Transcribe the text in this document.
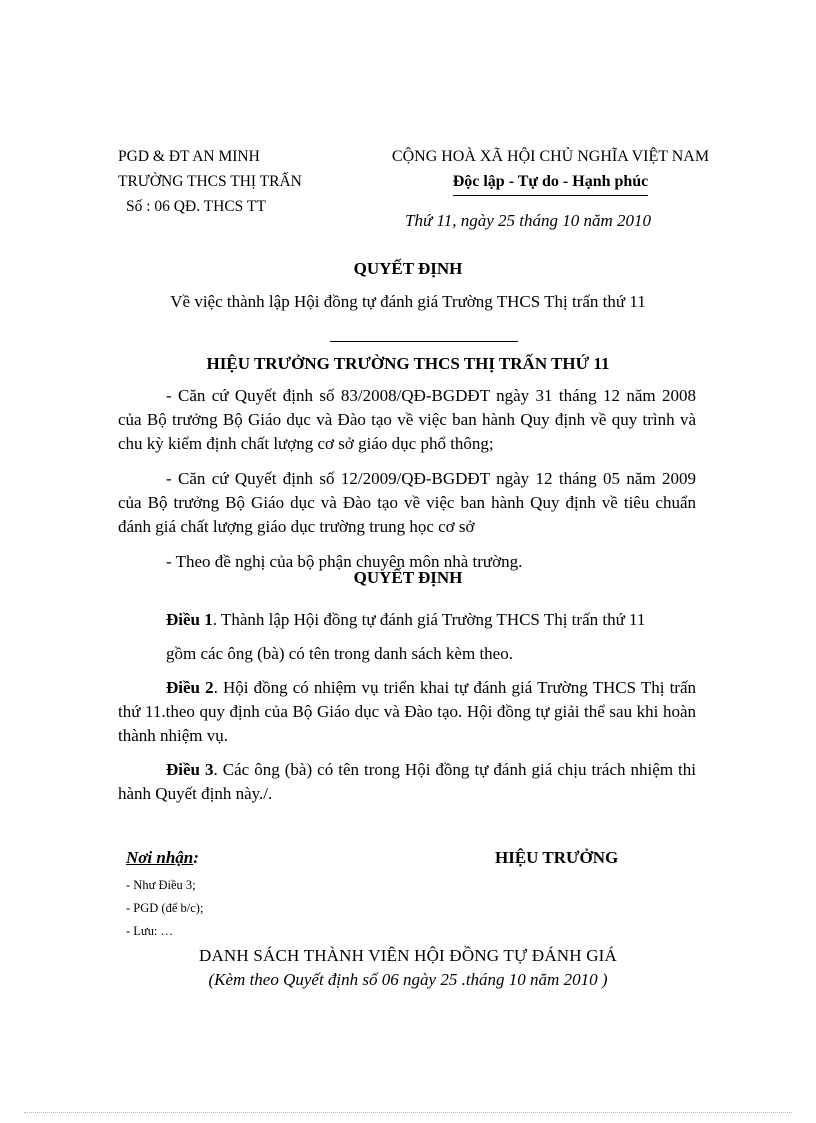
PGD & ĐT AN MINH
TRƯỜNG THCS THỊ TRẤN
Số : 06 QĐ. THCS TT
CỘNG HOÀ XÃ HỘI CHỦ NGHĨA VIỆT NAM
Độc lập - Tự do - Hạnh phúc
Thứ 11, ngày 25 tháng 10 năm 2010
QUYẾT ĐỊNH
Về việc thành lập Hội đồng tự đánh giá Trường THCS Thị trấn thứ 11
HIỆU TRƯỞNG TRƯỜNG THCS THỊ TRẤN THỨ 11

- Căn cứ Quyết định số 83/2008/QĐ-BGDĐT ngày 31 tháng 12 năm 2008 của Bộ trưởng Bộ Giáo dục và Đào tạo về việc ban hành Quy định về quy trình và chu kỳ kiểm định chất lượng cơ sở giáo dục phổ thông;

- Căn cứ Quyết định số 12/2009/QĐ-BGDĐT ngày 12 tháng 05 năm 2009 của Bộ trưởng Bộ Giáo dục và Đào tạo về việc ban hành Quy định về tiêu chuẩn đánh giá chất lượng giáo dục trường trung học cơ sở

- Theo đề nghị của bộ phận chuyên môn nhà trường.

QUYẾT ĐỊNH

Điều 1. Thành lập Hội đồng tự đánh giá Trường THCS Thị trấn thứ 11

gồm các ông (bà) có tên trong danh sách kèm theo.

Điều 2. Hội đồng có nhiệm vụ triển khai tự đánh giá Trường THCS Thị trấn thứ 11.theo quy định của Bộ Giáo dục và Đào tạo. Hội đồng tự giải thể sau khi hoàn thành nhiệm vụ.

Điều 3. Các ông (bà) có tên trong Hội đồng tự đánh giá chịu trách nhiệm thi hành Quyết định này./.

Nơi nhận:
- Như Điều 3;
- PGD (để b/c);
- Lưu: …
HIỆU TRƯỞNG
DANH SÁCH THÀNH VIÊN HỘI ĐỒNG TỰ ĐÁNH GIÁ
(Kèm theo Quyết định số 06 ngày 25 .tháng 10 năm 2010 )
